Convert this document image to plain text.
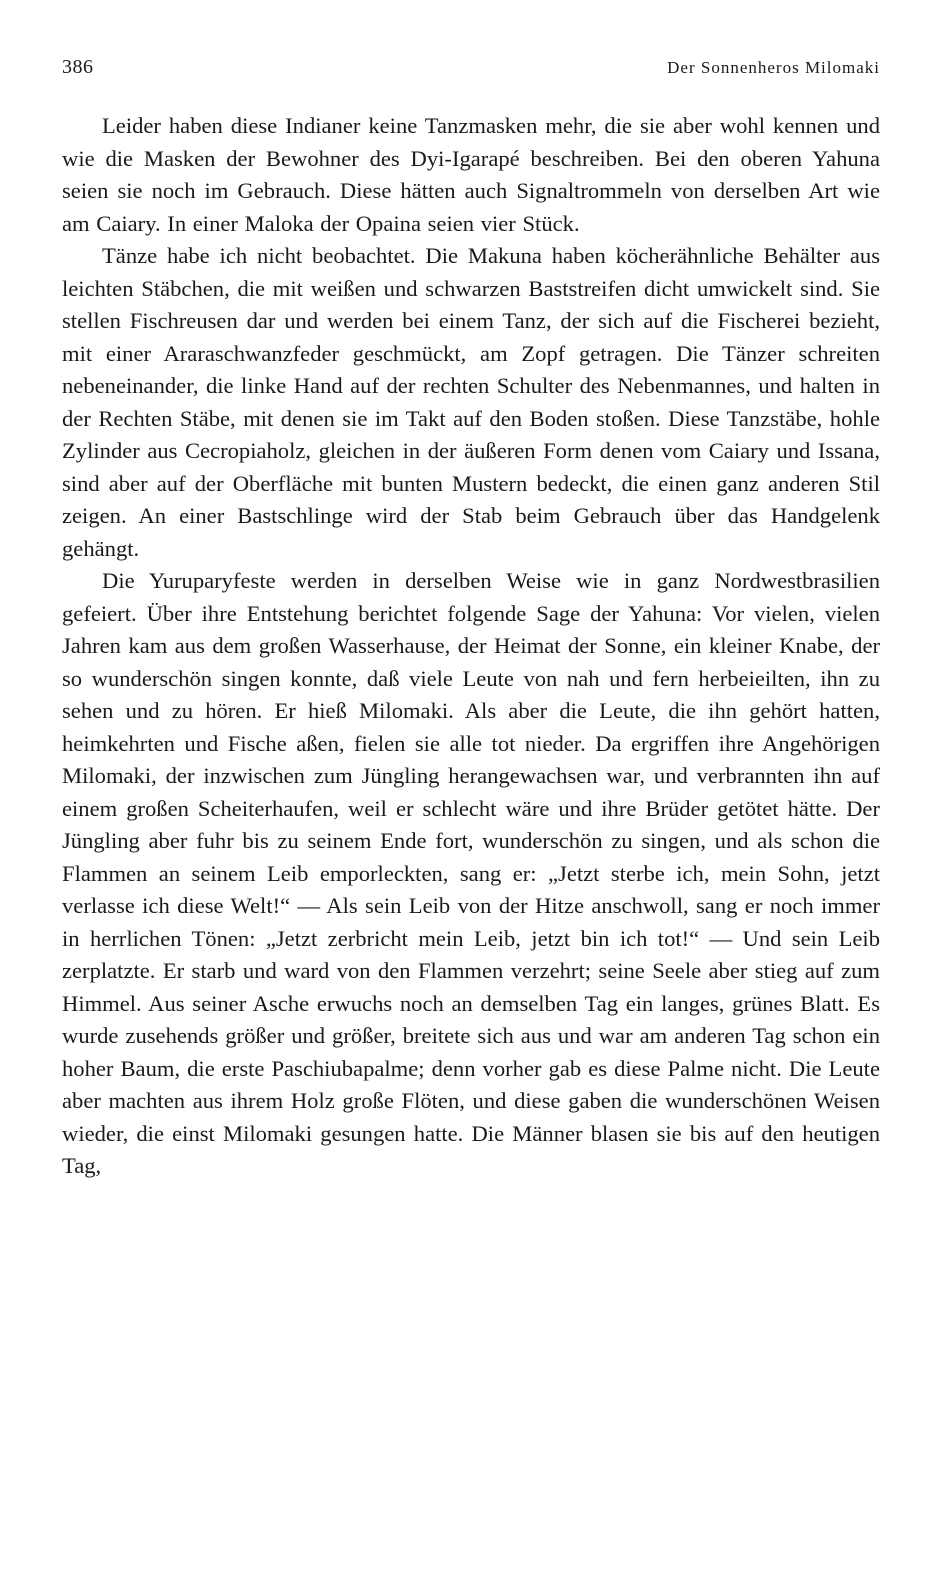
386	Der Sonnenheros Milomaki

Leider haben diese Indianer keine Tanzmasken mehr, die sie aber wohl kennen und wie die Masken der Bewohner des Dyi-Igarapé beschreiben. Bei den oberen Yahuna seien sie noch im Gebrauch. Diese hätten auch Signaltrommeln von derselben Art wie am Caiary. In einer Maloka der Opaina seien vier Stück.

Tänze habe ich nicht beobachtet. Die Makuna haben köcherähnliche Behälter aus leichten Stäbchen, die mit weißen und schwarzen Baststreifen dicht umwickelt sind. Sie stellen Fischreusen dar und werden bei einem Tanz, der sich auf die Fischerei bezieht, mit einer Araraschwanzfeder geschmückt, am Zopf getragen. Die Tänzer schreiten nebeneinander, die linke Hand auf der rechten Schulter des Nebenmannes, und halten in der Rechten Stäbe, mit denen sie im Takt auf den Boden stoßen. Diese Tanzstäbe, hohle Zylinder aus Cecropiaholz, gleichen in der äußeren Form denen vom Caiary und Issana, sind aber auf der Oberfläche mit bunten Mustern bedeckt, die einen ganz anderen Stil zeigen. An einer Bastschlinge wird der Stab beim Gebrauch über das Handgelenk gehängt.

Die Yuruparyfeste werden in derselben Weise wie in ganz Nordwestbrasilien gefeiert. Über ihre Entstehung berichtet folgende Sage der Yahuna: Vor vielen, vielen Jahren kam aus dem großen Wasserhause, der Heimat der Sonne, ein kleiner Knabe, der so wunderschön singen konnte, daß viele Leute von nah und fern herbeieilten, ihn zu sehen und zu hören. Er hieß Milomaki. Als aber die Leute, die ihn gehört hatten, heimkehrten und Fische aßen, fielen sie alle tot nieder. Da ergriffen ihre Angehörigen Milomaki, der inzwischen zum Jüngling herangewachsen war, und verbrannten ihn auf einem großen Scheiterhaufen, weil er schlecht wäre und ihre Brüder getötet hätte. Der Jüngling aber fuhr bis zu seinem Ende fort, wunderschön zu singen, und als schon die Flammen an seinem Leib emporleckten, sang er: „Jetzt sterbe ich, mein Sohn, jetzt verlasse ich diese Welt!“ — Als sein Leib von der Hitze anschwoll, sang er noch immer in herrlichen Tönen: „Jetzt zerbricht mein Leib, jetzt bin ich tot!“ — Und sein Leib zerplatzte. Er starb und ward von den Flammen verzehrt; seine Seele aber stieg auf zum Himmel. Aus seiner Asche erwuchs noch an demselben Tag ein langes, grünes Blatt. Es wurde zusehends größer und größer, breitete sich aus und war am anderen Tag schon ein hoher Baum, die erste Paschiubapalme; denn vorher gab es diese Palme nicht. Die Leute aber machten aus ihrem Holz große Flöten, und diese gaben die wunderschönen Weisen wieder, die einst Milomaki gesungen hatte. Die Männer blasen sie bis auf den heutigen Tag,
